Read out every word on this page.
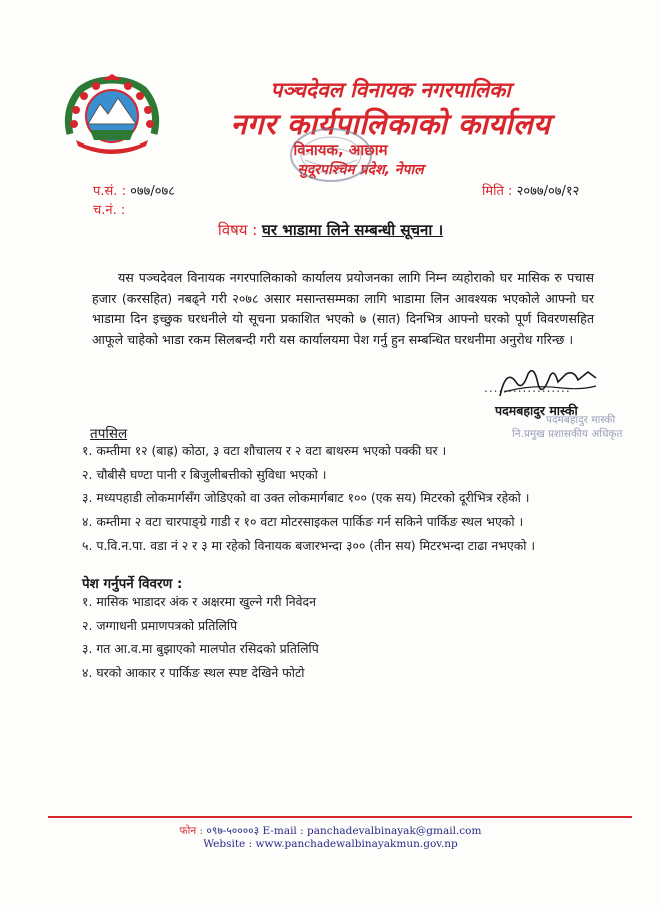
पञ्चदेवल विनायक नगरपालिका
नगर कार्यपालिकाको कार्यालय
विनायक, आछाम
सुदूरपश्चिम प्रदेश, नेपाल
प.सं. : ०७७/०७८
च.नं. :
मिति : २०७७/०७/१२
विषय : घर भाडामा लिने सम्बन्धी सूचना ।

यस पञ्चदेवल विनायक नगरपालिकाको कार्यालय प्रयोजनका लागि निम्न व्यहोराको घर मासिक रु पचास हजार (करसहित) नबढ्ने गरी २०७८ असार मसान्तसम्मका लागि भाडामा लिन आवश्यक भएकोले आफ्नो घर भाडामा दिन इच्छुक घरधनीले यो सूचना प्रकाशित भएको ७ (सात) दिनभित्र आफ्नो घरको पूर्ण विवरणसहित आफूले चाहेको भाडा रकम सिलबन्दी गरी यस कार्यालयमा पेश गर्नु हुन सम्बन्धित घरधनीमा अनुरोध गरिन्छ ।

..................
पदमबहादुर मास्की
पदमबहादुर मास्की
नि.प्रमुख प्रशासकीय अधिकृत
तपसिल
१. कम्तीमा १२ (बाह्र) कोठा, ३ वटा शौचालय र २ वटा बाथरुम भएको पक्की घर ।
२. चौबीसै घण्टा पानी र बिजुलीबत्तीको सुविधा भएको ।
३. मध्यपहाडी लोकमार्गसँग जोडिएको वा उक्त लोकमार्गबाट १०० (एक सय) मिटरको दूरीभित्र रहेको ।
४. कम्तीमा २ वटा चारपाङ्ग्रे गाडी र १० वटा मोटरसाइकल पार्किङ गर्न सकिने पार्किङ स्थल भएको ।
५. प.वि.न.पा. वडा नं २ र ३ मा रहेको विनायक बजारभन्दा ३०० (तीन सय) मिटरभन्दा टाढा नभएको ।
पेश गर्नुपर्ने विवरण :
१. मासिक भाडादर अंक र अक्षरमा खुल्ने गरी निवेदन
२. जग्गाधनी प्रमाणपत्रको प्रतिलिपि
३. गत आ.व.मा बुझाएको मालपोत रसिदको प्रतिलिपि
४. घरको आकार र पार्किङ स्थल स्पष्ट देखिने फोटो
फोन : ०९७-५००००३ E-mail : panchadevalbinayak@gmail.com
Website : www.panchadewalbinayakmun.gov.np
